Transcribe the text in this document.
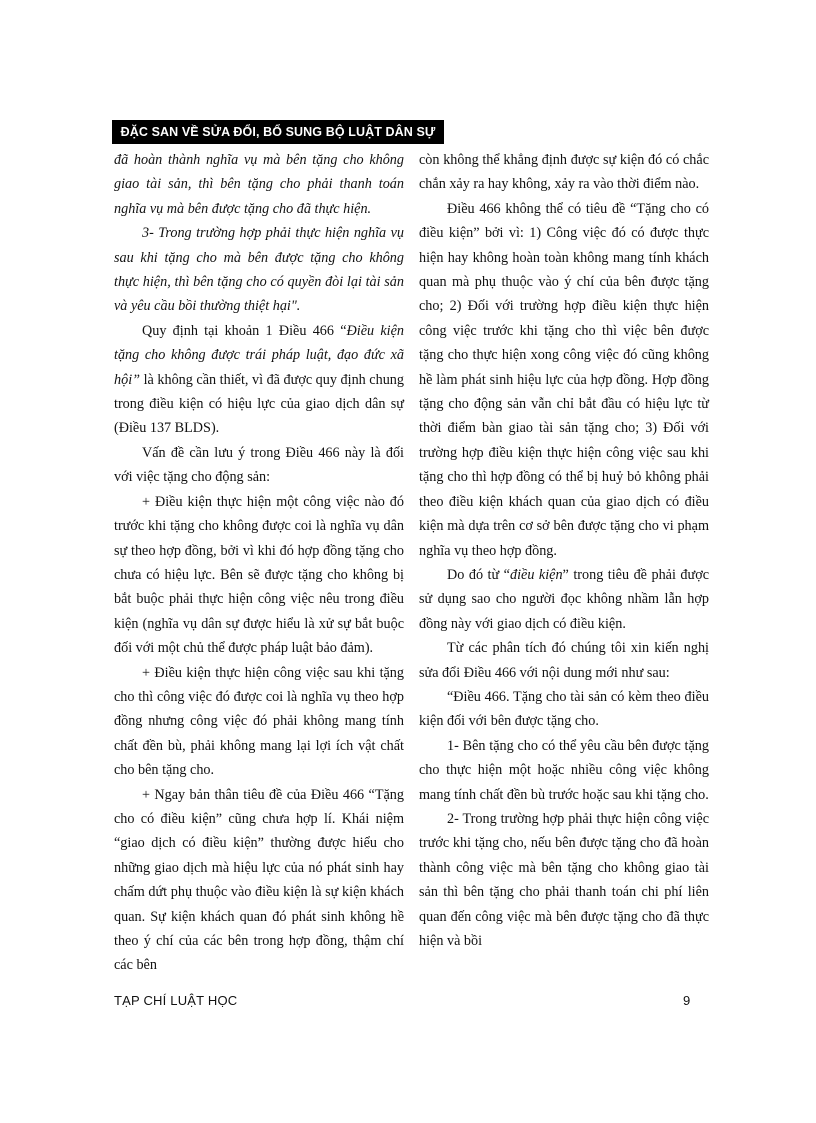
ĐẶC SAN VỀ SỬA ĐỔI, BỔ SUNG BỘ LUẬT DÂN SỰ

đã hoàn thành nghĩa vụ mà bên tặng cho không giao tài sản, thì bên tặng cho phải thanh toán nghĩa vụ mà bên được tặng cho đã thực hiện.

3- Trong trường hợp phải thực hiện nghĩa vụ sau khi tặng cho mà bên được tặng cho không thực hiện, thì bên tặng cho có quyền đòi lại tài sản và yêu cầu bồi thường thiệt hại".

Quy định tại khoản 1 Điều 466 “Điều kiện tặng cho không được trái pháp luật, đạo đức xã hội” là không cần thiết, vì đã được quy định chung trong điều kiện có hiệu lực của giao dịch dân sự (Điều 137 BLDS).

Vấn đề cần lưu ý trong Điều 466 này là đối với việc tặng cho động sản:

+ Điều kiện thực hiện một công việc nào đó trước khi tặng cho không được coi là nghĩa vụ dân sự theo hợp đồng, bởi vì khi đó hợp đồng tặng cho chưa có hiệu lực. Bên sẽ được tặng cho không bị bắt buộc phải thực hiện công việc nêu trong điều kiện (nghĩa vụ dân sự được hiểu là xử sự bắt buộc đối với một chủ thể được pháp luật bảo đảm).

+ Điều kiện thực hiện công việc sau khi tặng cho thì công việc đó được coi là nghĩa vụ theo hợp đồng nhưng công việc đó phải không mang tính chất đền bù, phải không mang lại lợi ích vật chất cho bên tặng cho.

+ Ngay bản thân tiêu đề của Điều 466 “Tặng cho có điều kiện” cũng chưa hợp lí. Khái niệm “giao dịch có điều kiện” thường được hiểu cho những giao dịch mà hiệu lực của nó phát sinh hay chấm dứt phụ thuộc vào điều kiện là sự kiện khách quan. Sự kiện khách quan đó phát sinh không hề theo ý chí của các bên trong hợp đồng, thậm chí các bên

còn không thể khẳng định được sự kiện đó có chắc chắn xảy ra hay không, xảy ra vào thời điểm nào.

Điều 466 không thể có tiêu đề “Tặng cho có điều kiện” bởi vì: 1) Công việc đó có được thực hiện hay không hoàn toàn không mang tính khách quan mà phụ thuộc vào ý chí của bên được tặng cho; 2) Đối với trường hợp điều kiện thực hiện công việc trước khi tặng cho thì việc bên được tặng cho thực hiện xong công việc đó cũng không hề làm phát sinh hiệu lực của hợp đồng. Hợp đồng tặng cho động sản vẫn chỉ bắt đầu có hiệu lực từ thời điểm bàn giao tài sản tặng cho; 3) Đối với trường hợp điều kiện thực hiện công việc sau khi tặng cho thì hợp đồng có thể bị huỷ bỏ không phải theo điều kiện khách quan của giao dịch có điều kiện mà dựa trên cơ sở bên được tặng cho vi phạm nghĩa vụ theo hợp đồng.

Do đó từ “điều kiện” trong tiêu đề phải được sử dụng sao cho người đọc không nhầm lẫn hợp đồng này với giao dịch có điều kiện.

Từ các phân tích đó chúng tôi xin kiến nghị sửa đổi Điều 466 với nội dung mới như sau:

“Điều 466. Tặng cho tài sản có kèm theo điều kiện đối với bên được tặng cho.

1- Bên tặng cho có thể yêu cầu bên được tặng cho thực hiện một hoặc nhiều công việc không mang tính chất đền bù trước hoặc sau khi tặng cho.

2- Trong trường hợp phải thực hiện công việc trước khi tặng cho, nếu bên được tặng cho đã hoàn thành công việc mà bên tặng cho không giao tài sản thì bên tặng cho phải thanh toán chi phí liên quan đến công việc mà bên được tặng cho đã thực hiện và bồi

TẠP CHÍ LUẬT HỌC	9
